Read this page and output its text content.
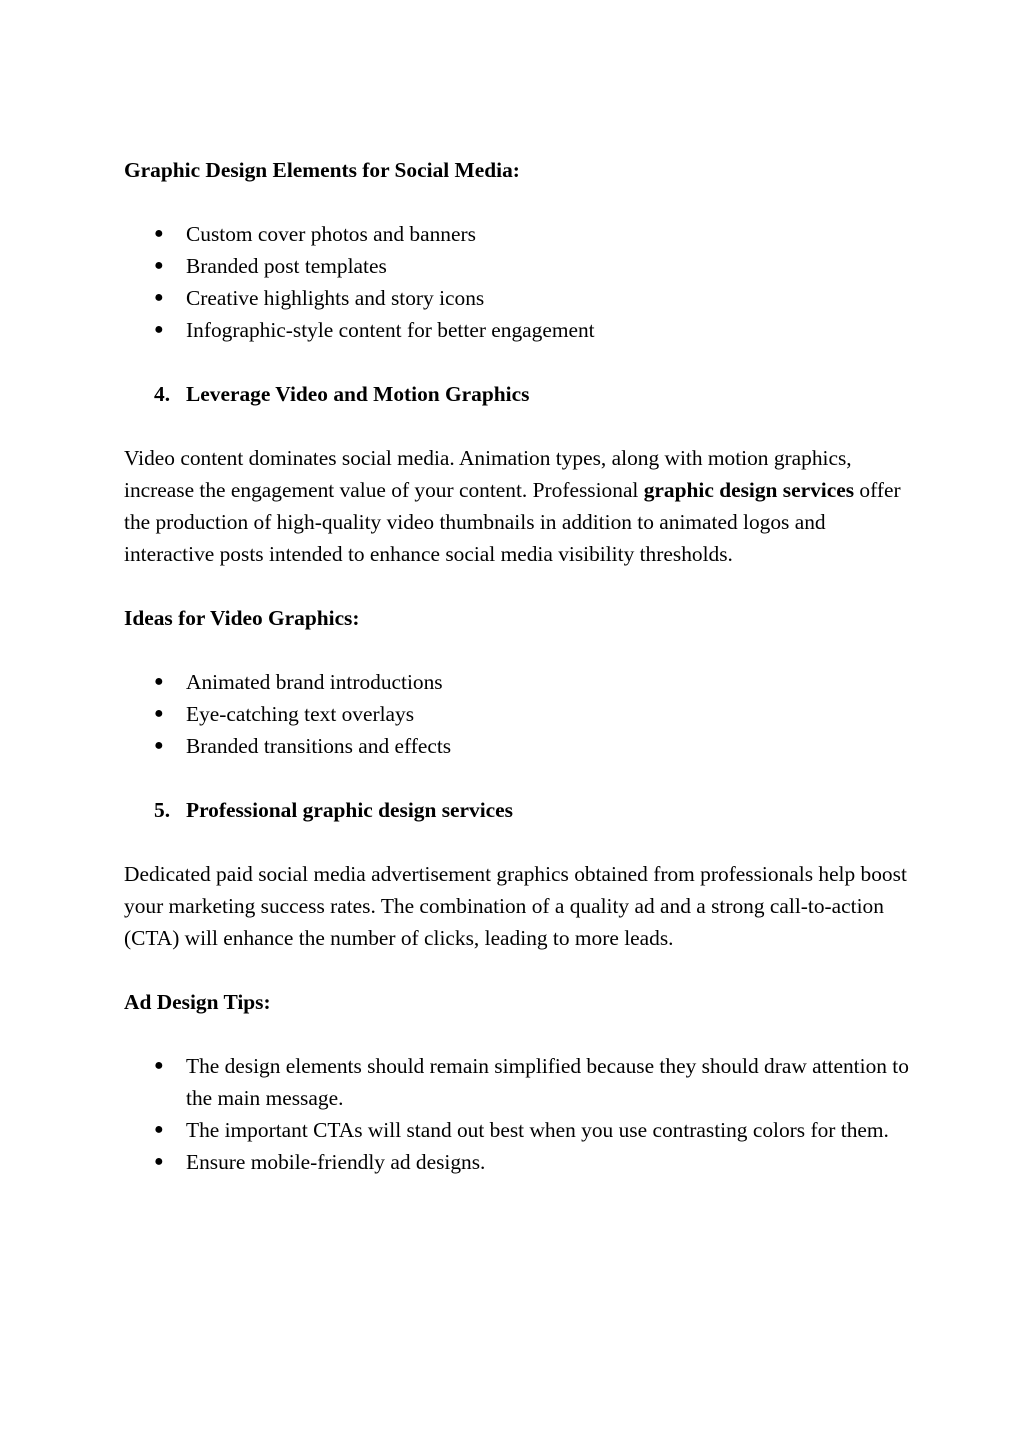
Graphic Design Elements for Social Media:

● Custom cover photos and banners
● Branded post templates
● Creative highlights and story icons
● Infographic-style content for better engagement
4. Leverage Video and Motion Graphics

Video content dominates social media. Animation types, along with motion graphics, increase the engagement value of your content. Professional graphic design services offer the production of high-quality video thumbnails in addition to animated logos and interactive posts intended to enhance social media visibility thresholds.

Ideas for Video Graphics:

● Animated brand introductions
● Eye-catching text overlays
● Branded transitions and effects
5. Professional graphic design services

Dedicated paid social media advertisement graphics obtained from professionals help boost your marketing success rates. The combination of a quality ad and a strong call-to-action (CTA) will enhance the number of clicks, leading to more leads.

Ad Design Tips:

● The design elements should remain simplified because they should draw attention to the main message.
● The important CTAs will stand out best when you use contrasting colors for them.
● Ensure mobile-friendly ad designs.
